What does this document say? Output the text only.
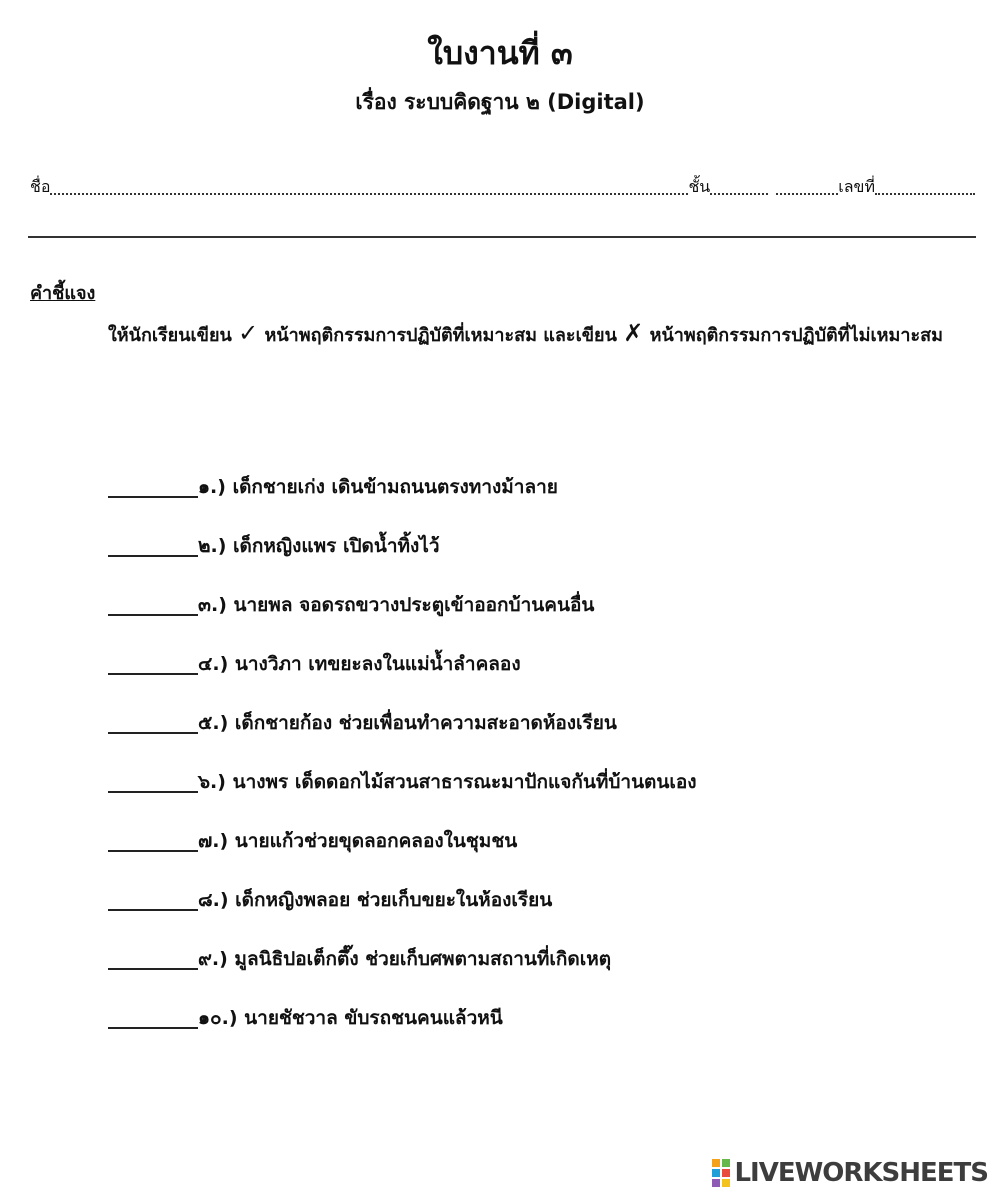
ใบงานที่ ๓
เรื่อง ระบบคิดฐาน ๒ (Digital)
ชื่อ	ชั้น	เลขที่
คำชี้แจง
ให้นักเรียนเขียน ✓ หน้าพฤติกรรมการปฏิบัติที่เหมาะสม และเขียน ✗ หน้าพฤติกรรมการปฏิบัติที่ไม่เหมาะสม
๑.) เด็กชายเก่ง เดินข้ามถนนตรงทางม้าลาย
๒.) เด็กหญิงแพร เปิดน้ำทิ้งไว้
๓.) นายพล จอดรถขวางประตูเข้าออกบ้านคนอื่น
๔.) นางวิภา เทขยะลงในแม่น้ำลำคลอง
๕.) เด็กชายก้อง ช่วยเพื่อนทำความสะอาดห้องเรียน
๖.) นางพร เด็ดดอกไม้สวนสาธารณะมาปักแจกันที่บ้านตนเอง
๗.) นายแก้วช่วยขุดลอกคลองในชุมชน
๘.) เด็กหญิงพลอย ช่วยเก็บขยะในห้องเรียน
๙.) มูลนิธิปอเต็กตึ๊ง ช่วยเก็บศพตามสถานที่เกิดเหตุ
๑๐.) นายชัชวาล ขับรถชนคนแล้วหนี
LIVEWORKSHEETS
